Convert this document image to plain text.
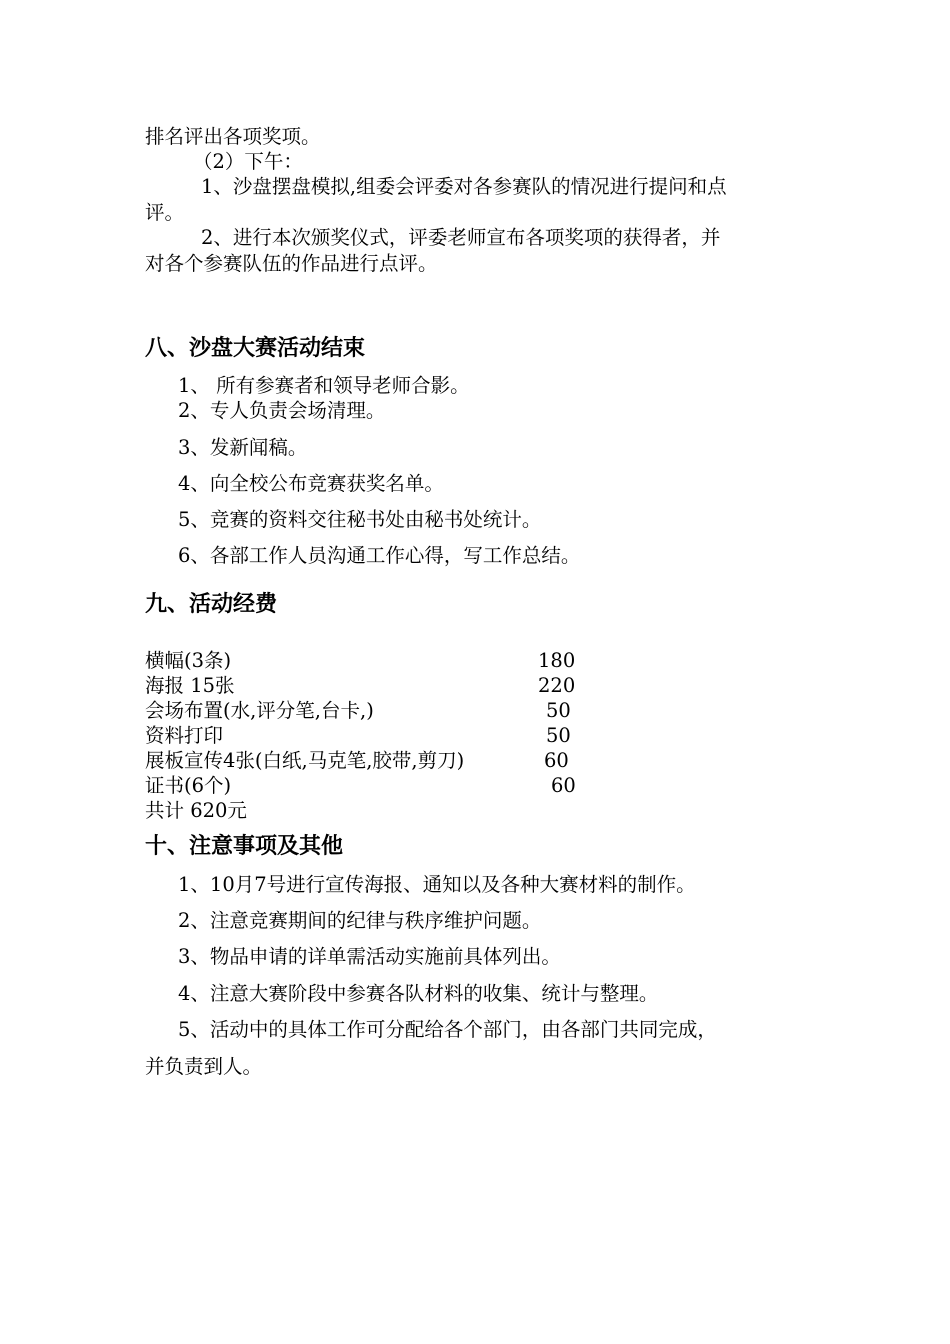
排名评出各项奖项。
（2）下午：
1、沙盘摆盘模拟,组委会评委对各参赛队的情况进行提问和点
评。
2、进行本次颁奖仪式，评委老师宣布各项奖项的获得者，并
对各个参赛队伍的作品进行点评。
八、沙盘大赛活动结束
1、 所有参赛者和领导老师合影。
2、专人负责会场清理。
3、发新闻稿。
4、向全校公布竞赛获奖名单。
5、竞赛的资料交往秘书处由秘书处统计。
6、各部工作人员沟通工作心得，写工作总结。
九、活动经费
横幅(3条)	180
海报 15张	220
会场布置(水,评分笔,台卡,)	50
资料打印	50
展板宣传4张(白纸,马克笔,胶带,剪刀)	60
证书(6个)	60
共计 620元
十、注意事项及其他
1、10月7号进行宣传海报、通知以及各种大赛材料的制作。
2、注意竞赛期间的纪律与秩序维护问题。
3、物品申请的详单需活动实施前具体列出。
4、注意大赛阶段中参赛各队材料的收集、统计与整理。
5、活动中的具体工作可分配给各个部门，由各部门共同完成，
并负责到人。
